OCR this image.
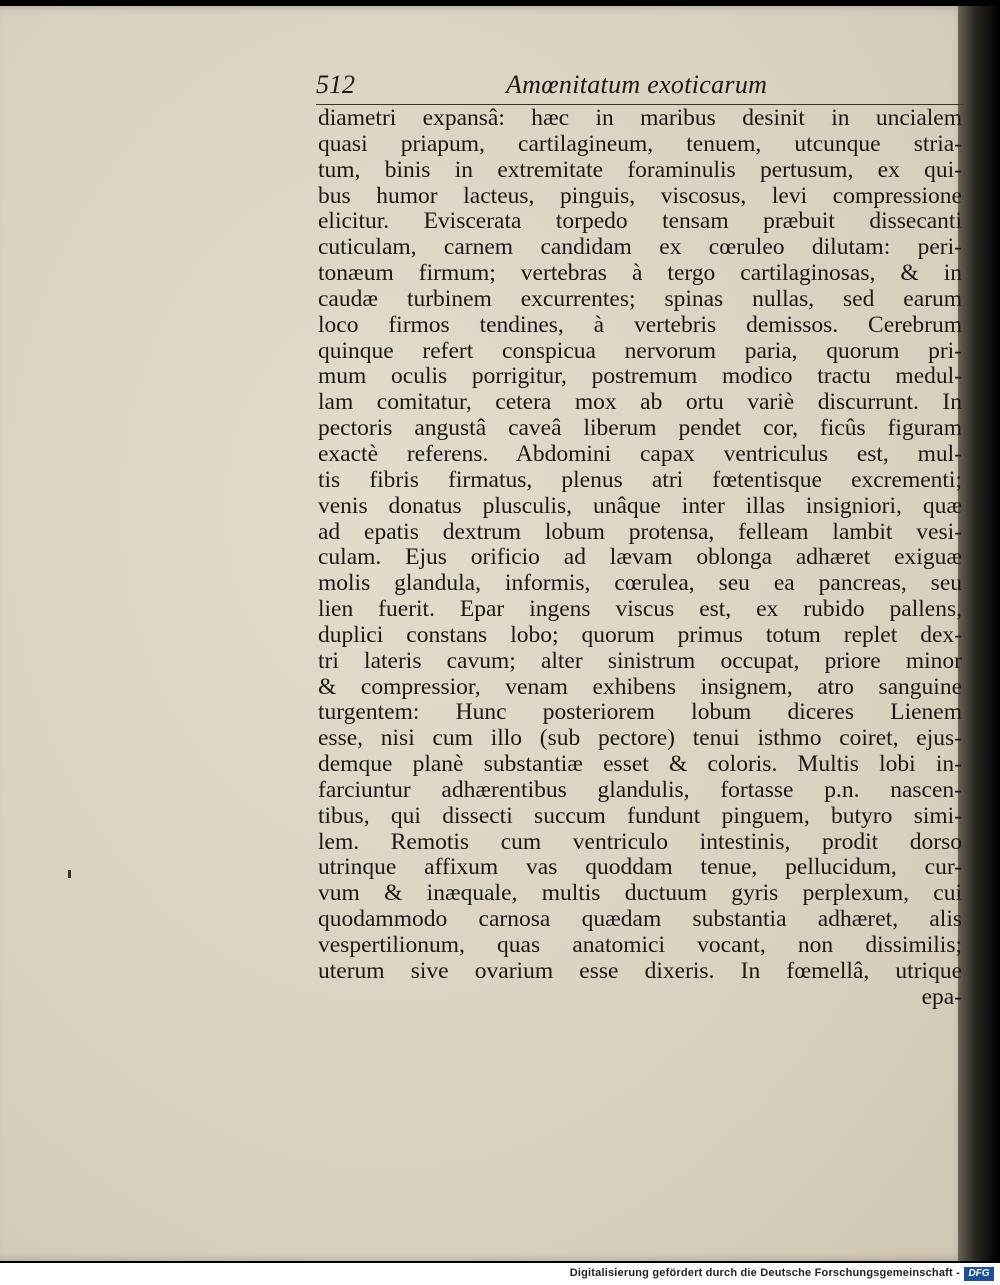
512	Amœnitatum exoticarum
diametri expansâ: hæc in maribus desinit in uncialem
quasi priapum, cartilagineum, tenuem, utcunque stria-
tum, binis in extremitate foraminulis pertusum, ex qui-
bus humor lacteus, pinguis, viscosus, levi compressione
elicitur. Eviscerata torpedo tensam præbuit dissecanti
cuticulam, carnem candidam ex cœruleo dilutam: peri-
tonæum firmum; vertebras à tergo cartilaginosas, & in
caudæ turbinem excurrentes; spinas nullas, sed earum
loco firmos tendines, à vertebris demissos. Cerebrum
quinque refert conspicua nervorum paria, quorum pri-
mum oculis porrigitur, postremum modico tractu medul-
lam comitatur, cetera mox ab ortu variè discurrunt. In
pectoris angustâ caveâ liberum pendet cor, ficûs figuram
exactè referens. Abdomini capax ventriculus est, mul-
tis fibris firmatus, plenus atri fœtentisque excrementi;
venis donatus plusculis, unâque inter illas insigniori, quæ
ad epatis dextrum lobum protensa, felleam lambit vesi-
culam. Ejus orificio ad lævam oblonga adhæret exiguæ
molis glandula, informis, cœrulea, seu ea pancreas, seu
lien fuerit. Epar ingens viscus est, ex rubido pallens,
duplici constans lobo; quorum primus totum replet dex-
tri lateris cavum; alter sinistrum occupat, priore minor
& compressior, venam exhibens insignem, atro sanguine
turgentem: Hunc posteriorem lobum diceres Lienem
esse, nisi cum illo (sub pectore) tenui isthmo coiret, ejus-
demque planè substantiæ esset & coloris. Multis lobi in-
farciuntur adhærentibus glandulis, fortasse p.n. nascen-
tibus, qui dissecti succum fundunt pinguem, butyro simi-
lem. Remotis cum ventriculo intestinis, prodit dorso
utrinque affixum vas quoddam tenue, pellucidum, cur-
vum & inæquale, multis ductuum gyris perplexum, cui
quodammodo carnosa quædam substantia adhæret, alis
vespertilionum, quas anatomici vocant, non dissimilis;
uterum sive ovarium esse dixeris. In fœmellâ, utrique
epa-
Digitalisierung gefördert durch die Deutsche Forschungsgemeinschaft - DFG
